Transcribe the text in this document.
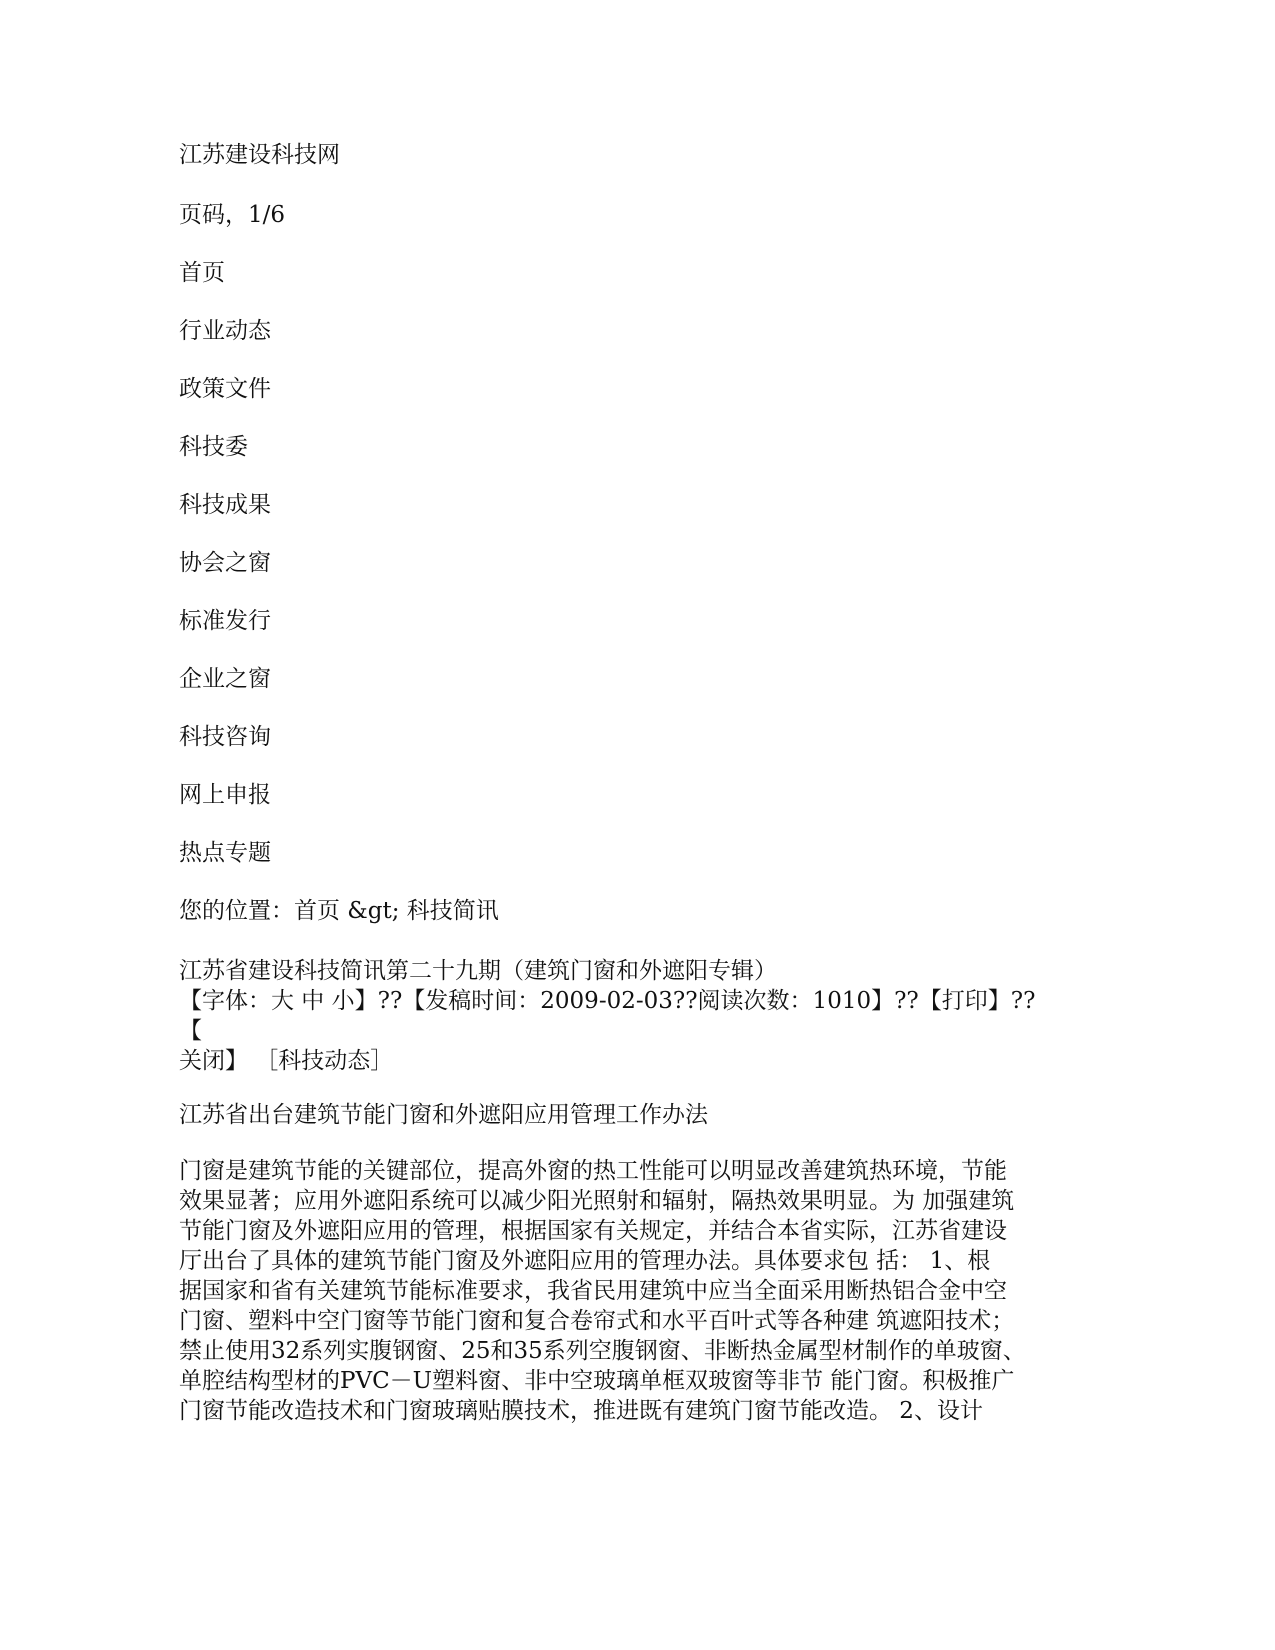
江苏建设科技网
页码，1/6
首页
行业动态
政策文件
科技委
科技成果
协会之窗
标准发行
企业之窗
科技咨询
网上申报
热点专题
您的位置：首页 &gt; 科技简讯
江苏省建设科技简讯第二十九期（建筑门窗和外遮阳专辑）
【字体：大 中 小】??【发稿时间：2009-02-03??阅读次数：1010】??【打印】??【
关闭】 ［科技动态］
江苏省出台建筑节能门窗和外遮阳应用管理工作办法
门窗是建筑节能的关键部位，提高外窗的热工性能可以明显改善建筑热环境，节能
效果显著；应用外遮阳系统可以减少阳光照射和辐射，隔热效果明显。为 加强建筑
节能门窗及外遮阳应用的管理，根据国家有关规定，并结合本省实际，江苏省建设
厅出台了具体的建筑节能门窗及外遮阳应用的管理办法。具体要求包 括： 1、根
据国家和省有关建筑节能标准要求，我省民用建筑中应当全面采用断热铝合金中空
门窗、塑料中空门窗等节能门窗和复合卷帘式和水平百叶式等各种建 筑遮阳技术；
禁止使用32系列实腹钢窗、25和35系列空腹钢窗、非断热金属型材制作的单玻窗、
单腔结构型材的PVC－U塑料窗、非中空玻璃单框双玻窗等非节 能门窗。积极推广
门窗节能改造技术和门窗玻璃贴膜技术，推进既有建筑门窗节能改造。 2、设计
